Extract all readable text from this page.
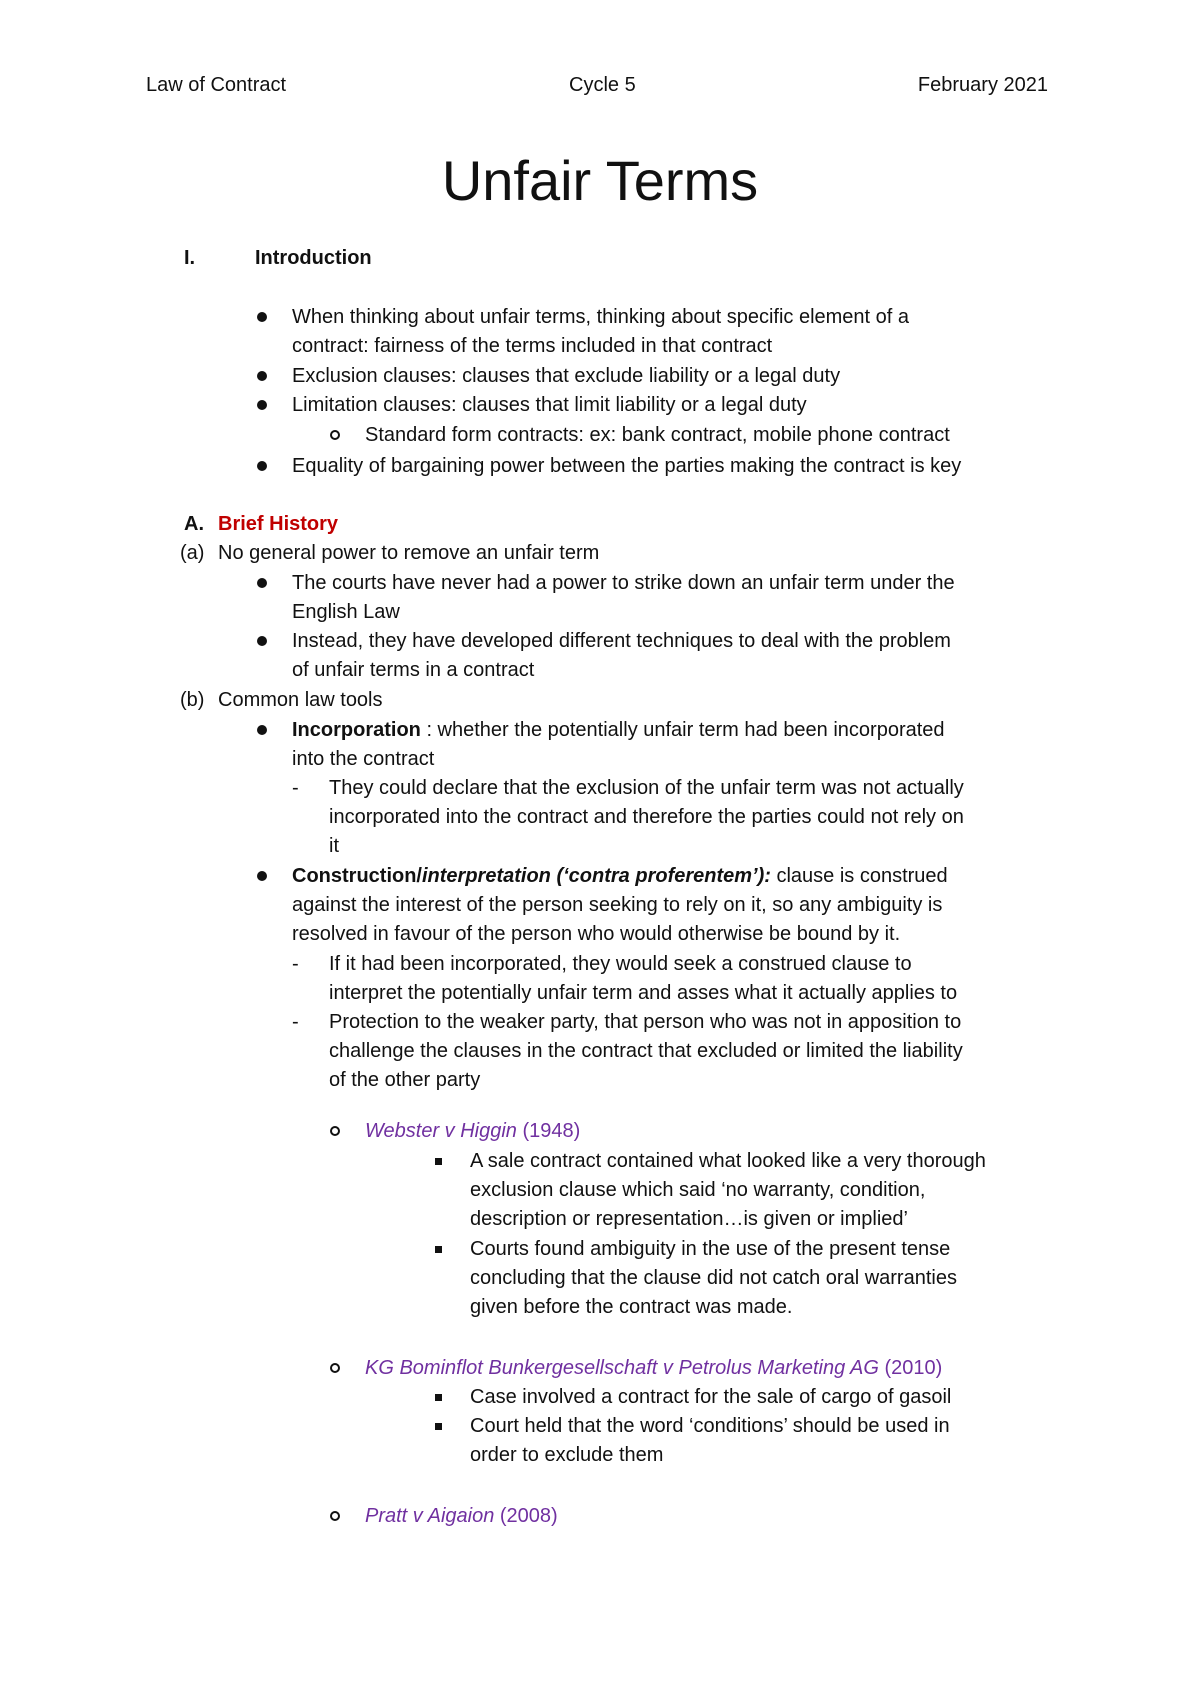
Law of Contract	Cycle 5	February 2021
Unfair Terms
I.	Introduction
When thinking about unfair terms, thinking about specific element of a
contract: fairness of the terms included in that contract
Exclusion clauses: clauses that exclude liability or a legal duty
Limitation clauses: clauses that limit liability or a legal duty
Standard form contracts: ex: bank contract, mobile phone contract
Equality of bargaining power between the parties making the contract is key
A. Brief History
(a) No general power to remove an unfair term
The courts have never had a power to strike down an unfair term under the
English Law
Instead, they have developed different techniques to deal with the problem
of unfair terms in a contract
(b) Common law tools
Incorporation : whether the potentially unfair term had been incorporated
into the contract
- They could declare that the exclusion of the unfair term was not actually
incorporated into the contract and therefore the parties could not rely on
it
Construction/interpretation (‘contra proferentem’): clause is construed
against the interest of the person seeking to rely on it, so any ambiguity is
resolved in favour of the person who would otherwise be bound by it.
- If it had been incorporated, they would seek a construed clause to
interpret the potentially unfair term and asses what it actually applies to
- Protection to the weaker party, that person who was not in apposition to
challenge the clauses in the contract that excluded or limited the liability
of the other party
Webster v Higgin (1948)
A sale contract contained what looked like a very thorough
exclusion clause which said ‘no warranty, condition,
description or representation…is given or implied’
Courts found ambiguity in the use of the present tense
concluding that the clause did not catch oral warranties
given before the contract was made.
KG Bominflot Bunkergesellschaft v Petrolus Marketing AG (2010)
Case involved a contract for the sale of cargo of gasoil
Court held that the word ‘conditions’ should be used in
order to exclude them
Pratt v Aigaion (2008)
